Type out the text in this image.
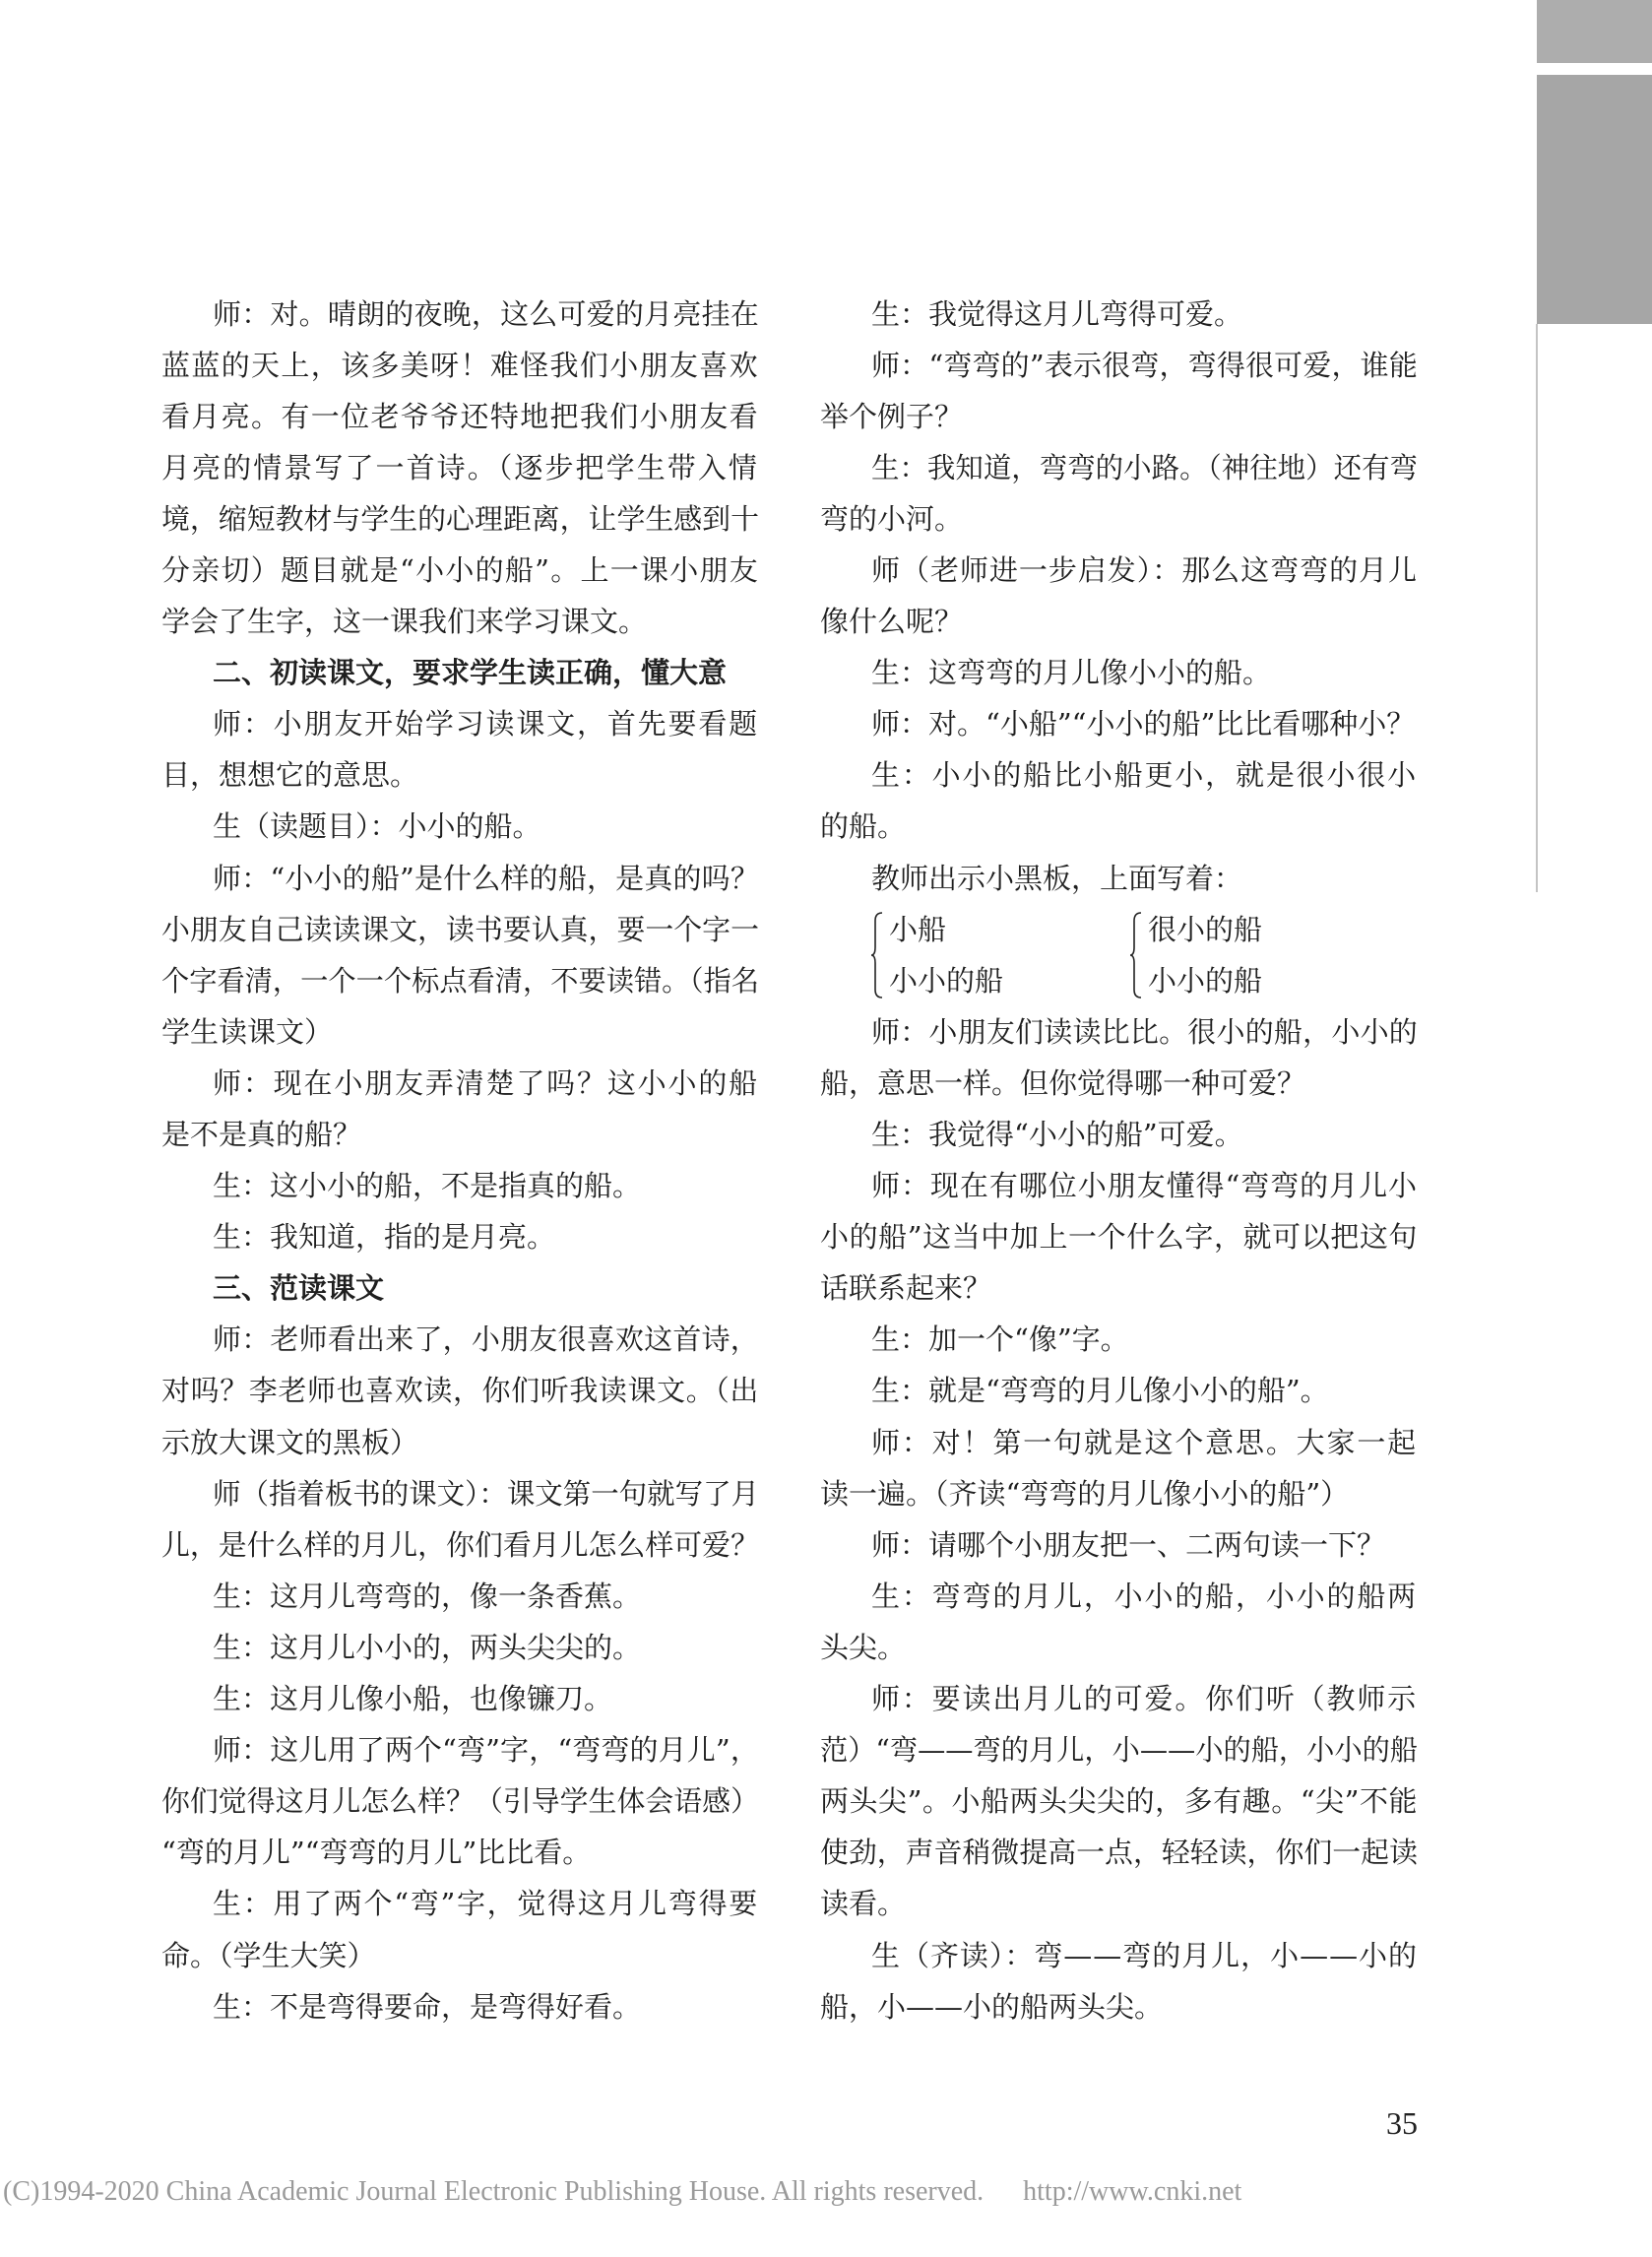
师：对。晴朗的夜晚，这么可爱的月亮挂在
蓝蓝的天上，该多美呀！难怪我们小朋友喜欢
看月亮。有一位老爷爷还特地把我们小朋友看
月亮的情景写了一首诗。（逐步把学生带入情
境，缩短教材与学生的心理距离，让学生感到十
分亲切）题目就是“小小的船”。上一课小朋友
学会了生字，这一课我们来学习课文。
二、初读课文，要求学生读正确，懂大意
师：小朋友开始学习读课文，首先要看题
目，想想它的意思。
生（读题目）：小小的船。
师：“小小的船”是什么样的船，是真的吗？
小朋友自己读读课文，读书要认真，要一个字一
个字看清，一个一个标点看清，不要读错。（指名
学生读课文）
师：现在小朋友弄清楚了吗？这小小的船
是不是真的船？
生：这小小的船，不是指真的船。
生：我知道，指的是月亮。
三、范读课文
师：老师看出来了，小朋友很喜欢这首诗，
对吗？李老师也喜欢读，你们听我读课文。（出
示放大课文的黑板）
师（指着板书的课文）：课文第一句就写了月
儿，是什么样的月儿，你们看月儿怎么样可爱？
生：这月儿弯弯的，像一条香蕉。
生：这月儿小小的，两头尖尖的。
生：这月儿像小船，也像镰刀。
师：这儿用了两个“弯”字，“弯弯的月儿”，
你们觉得这月儿怎么样？（引导学生体会语感）
“弯的月儿”“弯弯的月儿”比比看。
生：用了两个“弯”字，觉得这月儿弯得要
命。（学生大笑）
生：不是弯得要命，是弯得好看。
生：我觉得这月儿弯得可爱。
师：“弯弯的”表示很弯，弯得很可爱，谁能
举个例子？
生：我知道，弯弯的小路。（神往地）还有弯
弯的小河。
师（老师进一步启发）：那么这弯弯的月儿
像什么呢？
生：这弯弯的月儿像小小的船。
师：对。“小船”“小小的船”比比看哪种小？
生：小小的船比小船更小，就是很小很小
的船。
教师出示小黑板，上面写着：
小船
小小的船
很小的船
小小的船
师：小朋友们读读比比。很小的船，小小的
船，意思一样。但你觉得哪一种可爱？
生：我觉得“小小的船”可爱。
师：现在有哪位小朋友懂得“弯弯的月儿小
小的船”这当中加上一个什么字，就可以把这句
话联系起来？
生：加一个“像”字。
生：就是“弯弯的月儿像小小的船”。
师：对！第一句就是这个意思。大家一起
读一遍。（齐读“弯弯的月儿像小小的船”）
师：请哪个小朋友把一、二两句读一下？
生：弯弯的月儿，小小的船，小小的船两
头尖。
师：要读出月儿的可爱。你们听（教师示
范）“弯——弯的月儿，小——小的船，小小的船
两头尖”。小船两头尖尖的，多有趣。“尖”不能
使劲，声音稍微提高一点，轻轻读，你们一起读
读看。
生（齐读）：弯——弯的月儿，小——小的
船，小——小的船两头尖。
35
(C)1994-2020 China Academic Journal Electronic Publishing House. All rights reserved. http://www.cnki.net
